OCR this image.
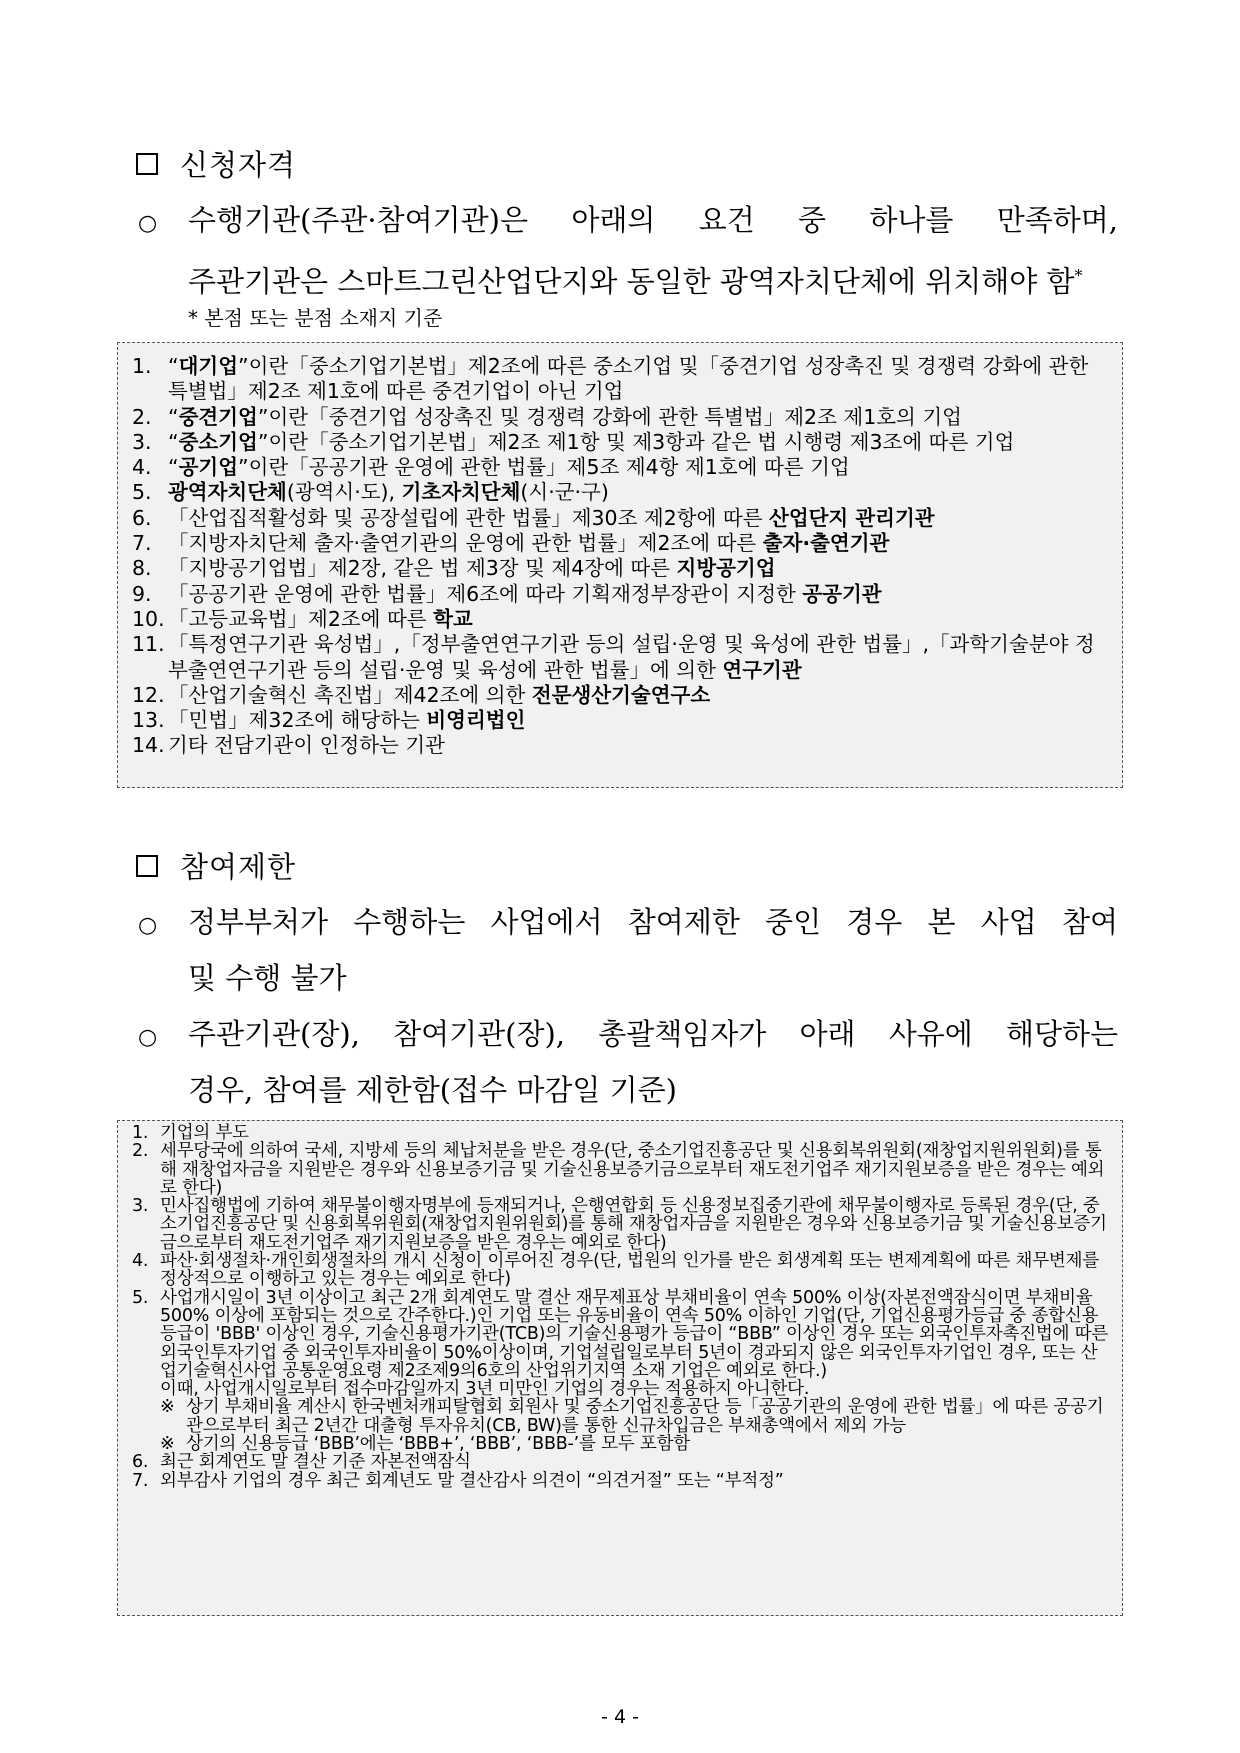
신청자격
○ 수행기관(주관·참여기관)은 아래의 요건 중 하나를 만족하며,
주관기관은 스마트그린산업단지와 동일한 광역자치단체에 위치해야 함*
* 본점 또는 분점 소재지 기준
1. “대기업”이란「중소기업기본법」제2조에 따른 중소기업 및「중견기업 성장촉진 및 경쟁력 강화에 관한 특별법」제2조 제1호에 따른 중견기업이 아닌 기업
2. “중견기업”이란「중견기업 성장촉진 및 경쟁력 강화에 관한 특별법」제2조 제1호의 기업
3. “중소기업”이란「중소기업기본법」제2조 제1항 및 제3항과 같은 법 시행령 제3조에 따른 기업
4. “공기업”이란「공공기관 운영에 관한 법률」제5조 제4항 제1호에 따른 기업
5. 광역자치단체(광역시·도), 기초자치단체(시·군·구)
6. 「산업집적활성화 및 공장설립에 관한 법률」제30조 제2항에 따른 산업단지 관리기관
7. 「지방자치단체 출자·출연기관의 운영에 관한 법률」제2조에 따른 출자·출연기관
8. 「지방공기업법」제2장, 같은 법 제3장 및 제4장에 따른 지방공기업
9. 「공공기관 운영에 관한 법률」제6조에 따라 기획재정부장관이 지정한 공공기관
10.
「고등교육법」제2조에 따른 학교
11.
「특정연구기관 육성법」,「정부출연연구기관 등의 설립·운영 및 육성에 관한 법률」,「과학기술분야 정부출연연구기관 등의 설립·운영 및 육성에 관한 법률」에 의한 연구기관
12.
「산업기술혁신 촉진법」제42조에 의한 전문생산기술연구소
13.
「민법」제32조에 해당하는 비영리법인
14.
기타 전담기관이 인정하는 기관
참여제한
○ 정부부처가 수행하는 사업에서 참여제한 중인 경우 본 사업 참여
및 수행 불가
○ 주관기관(장), 참여기관(장), 총괄책임자가 아래 사유에 해당하는
경우, 참여를 제한함(접수 마감일 기준)
1. 기업의 부도
2. 세무당국에 의하여 국세, 지방세 등의 체납처분을 받은 경우(단, 중소기업진흥공단 및 신용회복위원회(재창업지원위원회)를 통해 재창업자금을 지원받은 경우와 신용보증기금 및 기술신용보증기금으로부터 재도전기업주 재기지원보증을 받은 경우는 예외로 한다)
3. 민사집행법에 기하여 채무불이행자명부에 등재되거나, 은행연합회 등 신용정보집중기관에 채무불이행자로 등록된 경우(단, 중소기업진흥공단 및 신용회복위원회(재창업지원위원회)를 통해 재창업자금을 지원받은 경우와 신용보증기금 및 기술신용보증기금으로부터 재도전기업주 재기지원보증을 받은 경우는 예외로 한다)
4. 파산·회생절차·개인회생절차의 개시 신청이 이루어진 경우(단, 법원의 인가를 받은 회생계획 또는 변제계획에 따른 채무변제를 정상적으로 이행하고 있는 경우는 예외로 한다)
5. 사업개시일이 3년 이상이고 최근 2개 회계연도 말 결산 재무제표상 부채비율이 연속 500% 이상(자본전액잠식이면 부채비율 500% 이상에 포함되는 것으로 간주한다.)인 기업 또는 유동비율이 연속 50% 이하인 기업(단, 기업신용평가등급 중 종합신용등급이 'BBB' 이상인 경우, 기술신용평가기관(TCB)의 기술신용평가 등급이 “BBB” 이상인 경우 또는 외국인투자촉진법에 따른 외국인투자기업 중 외국인투자비율이 50%이상이며, 기업설립일로부터 5년이 경과되지 않은 외국인투자기업인 경우, 또는 산업기술혁신사업 공통운영요령 제2조제9의6호의 산업위기지역 소재 기업은 예외로 한다.)
이때, 사업개시일로부터 접수마감일까지 3년 미만인 기업의 경우는 적용하지 아니한다.
※ 상기 부채비율 계산시 한국벤처캐피탈협회 회원사 및 중소기업진흥공단 등「공공기관의 운영에 관한 법률」에 따른 공공기관으로부터 최근 2년간 대출형 투자유치(CB, BW)를 통한 신규차입금은 부채총액에서 제외 가능
※ 상기의 신용등급 ‘BBB’에는 ‘BBB+’, ‘BBB’, ‘BBB-’를 모두 포함함
6. 최근 회계연도 말 결산 기준 자본전액잠식
7. 외부감사 기업의 경우 최근 회계년도 말 결산감사 의견이 “의견거절” 또는 “부적정”
- 4 -
